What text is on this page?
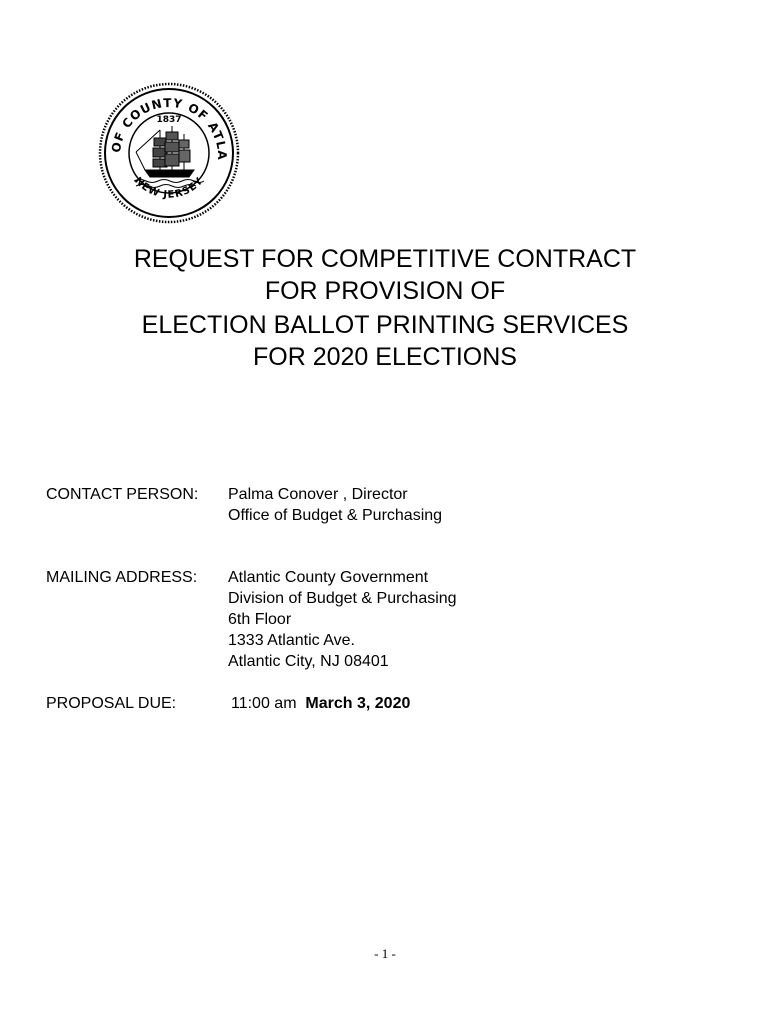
OF COUNTY OF ATLA
NEW JERSEY
1837
REQUEST FOR COMPETITIVE CONTRACT
FOR PROVISION OF
ELECTION BALLOT PRINTING SERVICES
FOR 2020 ELECTIONS
CONTACT PERSON: Palma Conover , Director
Office of Budget & Purchasing
MAILING ADDRESS: Atlantic County Government
Division of Budget & Purchasing
6th Floor
1333 Atlantic Ave.
Atlantic City, NJ 08401
PROPOSAL DUE:	11:00 am March 3, 2020
- 1 -
